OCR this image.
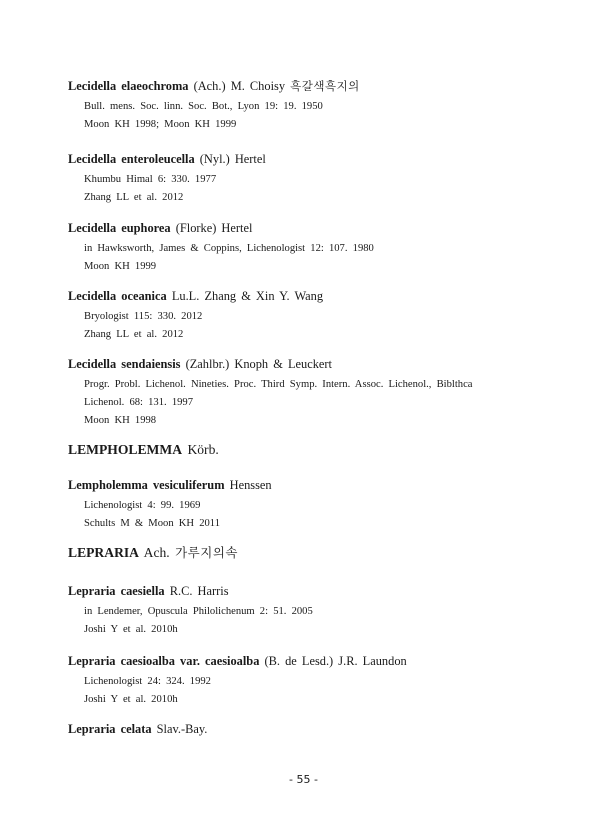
Lecidella elaeochroma (Ach.) M. Choisy 흑갈색흑지의
Bull. mens. Soc. linn. Soc. Bot., Lyon 19: 19. 1950
Moon KH 1998; Moon KH 1999
Lecidella enteroleucella (Nyl.) Hertel
Khumbu Himal 6: 330. 1977
Zhang LL et al. 2012
Lecidella euphorea (Florke) Hertel
in Hawksworth, James & Coppins, Lichenologist 12: 107. 1980
Moon KH 1999
Lecidella oceanica Lu.L. Zhang & Xin Y. Wang
Bryologist 115: 330. 2012
Zhang LL et al. 2012
Lecidella sendaiensis (Zahlbr.) Knoph & Leuckert
Progr. Probl. Lichenol. Nineties. Proc. Third Symp. Intern. Assoc. Lichenol., Biblthca
Lichenol. 68: 131. 1997
Moon KH 1998
LEMPHOLEMMA Körb.
Lempholemma vesiculiferum Henssen
Lichenologist 4: 99. 1969
Schults M & Moon KH 2011
LEPRARIA Ach. 가루지의속
Lepraria caesiella R.C. Harris
in Lendemer, Opuscula Philolichenum 2: 51. 2005
Joshi Y et al. 2010h
Lepraria caesioalba var. caesioalba (B. de Lesd.) J.R. Laundon
Lichenologist 24: 324. 1992
Joshi Y et al. 2010h
Lepraria celata Slav.-Bay.
- 55 -
